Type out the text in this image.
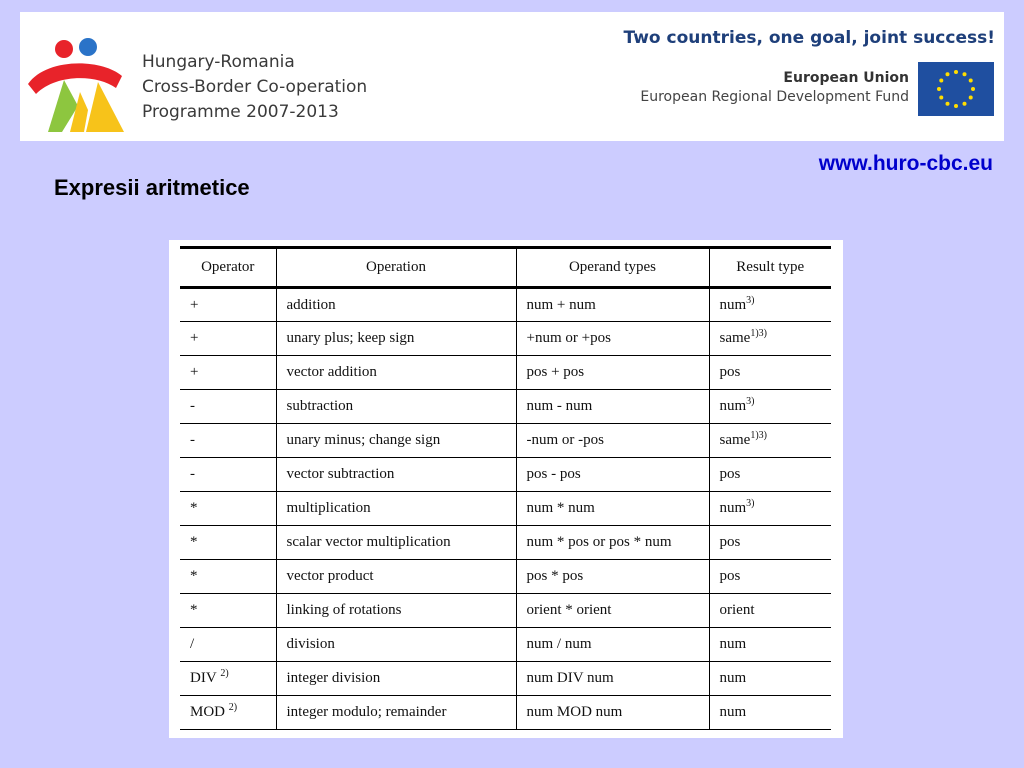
Hungary-Romania
Cross-Border Co-operation
Programme 2007-2013
Two countries, one goal, joint success!
European Union
European Regional Development Fund
www.huro-cbc.eu
Expresii aritmetice
Operator	Operation	Operand types	Result type
+	addition	num + num	num$^{3)}$
+	unary plus; keep sign	+num or +pos	same$^{1)3)}$
+	vector addition	pos + pos	pos
-	subtraction	num - num	num$^{3)}$
-	unary minus; change sign	-num or -pos	same$^{1)3)}$
-	vector subtraction	pos - pos	pos
*	multiplication	num * num	num$^{3)}$
*	scalar vector multiplication	num * pos or pos * num	pos
*	vector product	pos * pos	pos
*	linking of rotations	orient * orient	orient
/	division	num / num	num
DIV $^{2)}$	integer division	num DIV num	num
MOD $^{2)}$	integer modulo; remainder	num MOD num	num
